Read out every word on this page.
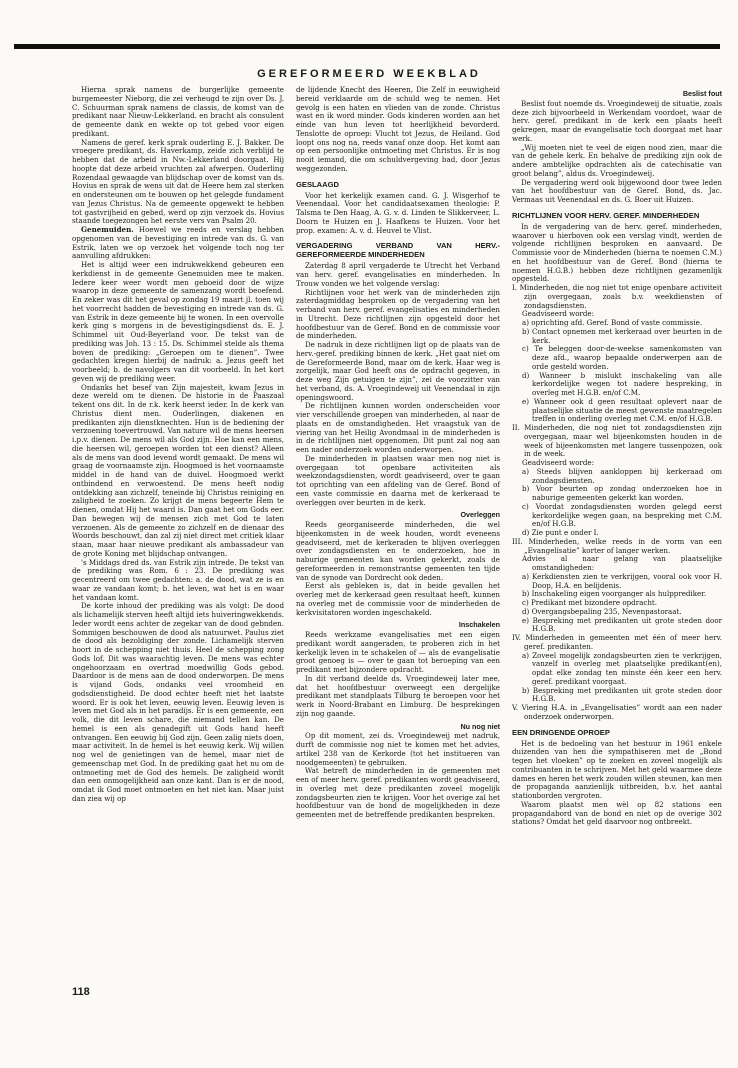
GEREFORMEERD WEEKBLAD

Hierna sprak namens de burgerlijke gemeente burgemeester Nieborg, die zei verheugd te zijn over Ds. J. C. Schuurman sprak namens de classis, de komst van de predikant naar Nieuw-Lekkerland. en bracht als consulent de gemeente dank en wekte op tot gebed voor eigen predikant.

Namens de geref. kerk sprak ouderling E. J. Bakker. De vroegere predikant, ds. Haverkamp, zeide zich verblijd te hebben dat de arbeid in Nw.-Lekkerland doorgaat. Hij hoopte dat deze arbeid vruchten zal afwerpen. Ouderling Rozendaal gewaagde van blijdschap over de komst van ds. Hovius en sprak de wens uit dat de Heere hem zal sterken en ondersteunen om te bouwen op het gelegde fundament van Jezus Christus. Na de gemeente opgewekt te hebben tot gastvrijheid en gebed, werd op zijn verzoek ds. Hovius staande toegezongen het eerste vers van Psalm 20.

Genemuiden. Hoewel we reeds en verslag hebben opgenomen van de bevestiging en intrede van ds. G. van Estrik, laten we op verzoek het volgende toch nog ter aanvulling afdrukken:

Het is altijd weer een indrukwekkend gebeuren een kerkdienst in de gemeente Genemuiden mee te maken. Iedere keer weer wordt men geboeid door de wijze waarop in deze gemeente de samenzang wordt beoefend. En zeker was dit het geval op zondag 19 maart jl. toen wij het voorrecht hadden de bevestiging en intrede van ds. G. van Estrik in deze gemeente bij te wonen. In een overvolle kerk ging s morgens in de bevestigingsdienst ds. E. J. Schimmel uit Oud-Beyerland voor. De tekst van de prediking was Joh. 13 : 15. Ds. Schimmel stelde als thema boven de prediking: „Geroepen om te dienen”. Twee gedachten kregen hierbij de nadruk: a. Jezus geeft het voorbeeld; b. de navolgers van dit voorbeeld. In het kort geven wij de prediking weer.

Ondanks het besef van Zijn majesteit, kwam Jezus in deze wereld om te dienen. De historie in de Paaszaal tekent ons dit. In de r.k. kerk heerst ieder. In de kerk van Christus dient men. Ouderlingen, diakenen en predikanten zijn dienstknechten. Hun is de bediening der verzoening toevertrouwd. Van nature wil de mens heersen i.p.v. dienen. De mens wil als God zijn. Hoe kan een mens, die heersen wil, geroepen worden tot een dienst? Alleen als de mens van dood levend wordt gemaakt. De mens wil graag de voornaamste zijn. Hoogmoed is het voornaamste middel in de hand van de duivel. Hoogmoed werkt ontbindend en verwoestend. De mens heeft nodig ontdekking aan zichzelf, teneinde bij Christus reiniging en zaligheid te zoeken. Zo krijgt de mens begeerte Hem te dienen, omdat Hij het waard is. Dan gaat het om Gods eer. Dan bewegen wij de mensen zich met God te laten verzoenen. Als de gemeente zo zichzelf en de dienaar des Woords beschouwt, dan zal zij niet direct met critiek klaar staan, maar haar nieuwe predikant als ambassadeur van de grote Koning met blijdschap ontvangen.

's Middags dred ds. van Estrik zijn intrede. De tekst van de prediking was Rom. 6 : 23. De prediking was gecentreerd om twee gedachten: a. de dood, wat ze is en waar ze vandaan komt; b. het leven, wat het is en waar het vandaan komt.

De korte inhoud der prediking was als volgt: De dood als lichamelijk sterven heeft altijd iets huiveringwekkends. Ieder wordt eens achter de zegekar van de dood gebnden. Sommigen beschouwen de dood als natuurwet. Paulus ziet de dood als bezoldiging der zonde. Lichamelijk sterven hoort in de schepping niet thuis. Heel de schepping zong Gods lof. Dit was waarachtig leven. De mens was echter ongehoorzaam en overtrad moedwillig Gods gebod. Daardoor is de mens aan de dood onderworpen. De mens is vijand Gods, ondanks veel vroomheid en godsdienstigheid. De dood echter heeft niet het laatste woord. Er is ook het leven, eeuwig leven. Eeuwig leven is leven met God als in het paradijs. Er is een gemeente, een volk, die dit leven schare, die niemand tellen kan. De hemel is een als genadegift uit Gods hand heeft ontvangen. Een eeuwig bij God zijn. Geen zalig niets doen, maar activiteit. In de hemel is het eeuwig kerk. Wij willen nog wel de genietingen van de hemel, maar niet de gemeenschap met God. In de prediking gaat het nu om de ontmoeting met de God des hemels. De zaligheid wordt dan een onmogelijkheid aan onze kant. Dan is er de nood, omdat ik God moet ontmoeten en het niet kan. Maar juist dan ziea wij op

de lijdende Knecht des Heeren, Die Zelf in eeuwigheid bereid verklaarde om de schuld weg te nemen. Het gevolg is een haten en vlieden van de zonde. Christus wast en ik word minder. Gods kinderen worden aan het einde van hun leven tot heerlijkheid bevorderd. Tenslotte de oproep: Vlucht tot Jezus, de Heiland. God loopt ons nog na, reeds vanaf onze doop. Het komt aan op een persoonlijke ontmoeting met Christus. Er is nog nooit iemand, die om schuldvergeving bad, door Jezus weggezonden.

GESLAAGD

Voor het kerkelijk examen cand. G. J. Wisgerhof te Veenendaal. Voor het candidaatsexamen theologie: P. Talsma te Den Haag, A. G. v. d. Linden te Slikkerveer, L. Doorn te Huizen en J. Haafkens te Huizen. Voor het prop. examen: A. v. d. Heuvel te Vlist.

VERGADERING VERBAND VAN HERV.-GEREFORMEERDE MINDERHEDEN

Zaterdag 8 april vergaderde te Utrecht het Verband van herv. geref. evangelisaties en minderheden. In Trouw vonden we het volgende verslag:

Richtlijnen voor het werk van de minderheden zijn zaterdagmiddag besproken op de vergadering van het verband van herv. geref. evangelisaties en minderheden in Utrecht. Deze richtlijnen zijn opgesteld door het hoofdbestuur van de Geref. Bond en de commissie voor de minderheden.

De nadruk in deze richtlijnen ligt op de plaats van de herv.-geref. prediking binnen de kerk. „Het gaat niet om de Gereformeerde Bond, maar om de kerk. Haar weg is zorgelijk, maar God heeft ons de opdracht gegeven, in deze weg Zijn getuigen te zijn”, zei de voorzitter van het verband, ds. A. Vroegindeweij uit Veenendaal in zijn openingswoord.

De richtlijnen kunnen worden onderscheiden voor vier verschillende groepen van minderheden, al naar de plaats en de omstandigheden. Het vraagstuk van de viering van het Heilig Avondmaal in de minderheden is in de richtlijnen niet opgenomen. Dit punt zal nog aan een nader onderzoek worden onderworpen.

De minderheden in plaatsen waar men nog niet is overgegaan tot openbare activiteiten als weekzondagsdiensten, wordt geadviseerd, over te gaan tot oprichting van een afdeling van de Geref. Bond of een vaste commissie en daarna met de kerkeraad te overleggen over beurten in de kerk.

Overleggen

Reeds georganiseerde minderheden, die wel bijeenkomsten in de week houden, wordt eveneens geadviseerd, met de kerkeraden te blijven overleggen over zondagsdiensten en te onderzoeken, hoe in naburige gemeenten kan worden gekerkt, zoals de gereformeerden in remonstrantse gemeenten ten tijde van de synode van Dordrecht ook deden.

Eerst als gebleken is, dat in beide gevallen het overleg met de kerkeraad geen resultaat heeft, kunnen na overleg met de commissie voor de minderheden de kerkvisitatoren worden ingeschakeld.

Inschakelen

Reeds werkzame evangelisaties met een eigen predikant wordt aangeraden, te proberen zich in het kerkelijk leven in te schakelen of — als de evangelisatie groot genoeg is — over te gaan tot beroeping van een predikant met bijzondere opdracht.

In dit verband deelde ds. Vroegindeweij later mee, dat het hoofdbestuur overweegt een dergelijke predikant met standplaats Tilburg te beroepen voor het werk in Noord-Brabant en Limburg. De besprekingen zijn nog gaande.

Nu nog niet

Op dit moment, zei ds. Vroegindeweij met nadruk, durft de commissie nog niet te komen met het advies, artikel 238 van de Kerkorde (tot het institueren van noodgemeenten) te gebruiken.

Wat betreft de minderheden in de gemeenten met een of meer herv. geref. predikanten wordt geadviseerd, in overleg met deze predikanten zoveel mogelijk zondagsbeurten zien te krijgen. Voor het overige zal het hoofdbestuur van de bond de mogelijkheden in deze gemeenten met de betreffende predikanten bespreken.

Beslist fout

Beslist fout noemde ds. Vroegindeweij de situatie, zoals deze zich bijvoorbeeld in Werkendam voordoet, waar de herv. geref. predikant in de kerk een plaats heeft gekregen, maar de evangelisatie toch doorgaat met haar werk.

„Wij moeten niet te veel de eigen nood zien, maar die van de gehele kerk. En behalve de prediking zijn ook de andere ambtelijke opdrachten als de catechisatie van groot belang”, aldus ds. Vroegindeweij.

De vergadering werd ook bijgewoond door twee leden van het hoofdbestuur van de Geref. Bond, ds. Jac. Vermaas uit Veenendaal en ds. G. Boer uit Huizen.

RICHTLIJNEN VOOR HERV. GEREF. MINDERHEDEN

In de vergadering van de herv. geref. minderheden, waarover u hierboven ook een verslag vindt, werden de volgende richtlijnen besproken en aanvaard. De Commissie voor de Minderheden (hierna te noemen C.M.) en het hoofdbestuur van de Geref. Bond (hierna te noemen H.G.B.) hebben deze richtlijnen gezamenlijk opgesteld.

I. Minderheden, die nog niet tot enige openbare activiteit zijn overgegaan, zoals b.v. weekdiensten of zondagsdiensten.

Geadviseerd worde:

a) oprichting afd. Geref. Bond of vaste commissie.

b) Contact opnemen met kerkeraad over beurten in de kerk.

c) Te beleggen door-de-weekse samenkomsten van deze afd., waarop bepaalde onderwerpen aan de orde gesteld worden.

d) Wanneer b mislukt inschakeling van alle kerkordelijke wegen tot nadere bespreking, in overleg met H.G.B. en/of C.M.

e) Wanneer ook d geen resultaat oplevert naar de plaatselijke situatie de meest gewenste maatregelen treffen in onderling overleg met C.M. en/of H.G.B.

II. Minderheden, die nog niet tot zondagsdiensten zijn overgegaan, maar wel bijeenkomsten houden in de week of bijeenkomsten met langere tussenpozen, ook in de week.

Geadviseerd worde:

a) Steeds blijven aankloppen bij kerkeraad om zondagsdiensten.

b) Voor beurten op zondag onderzoeken hoe in naburige gemeenten gekerkt kan worden.

c) Voordat zondagsdiensten worden gelegd eerst kerkordelijke wegen gaan, na bespreking met C.M. en/of H.G.B.

d) Zie punt e onder I.

III. Minderheden, welke reeds in de vorm van een „Evangelisatie” korter of langer werken.

Advies al naar gelang van plaatselijke omstandigheden:

a) Kerkdiensten zien te verkrijgen, vooral ook voor H. Doop, H.A. en belijdenis.

b) Inschakeling eigen voorganger als hulpprediker.

c) Predikant met bizondere opdracht.

d) Overgangsbepaling 235, Nevenpastoraat.

e) Bespreking met predikanten uit grote steden door H.G.B.

IV. Minderheden in gemeenten met één of meer herv. geref. predikanten.

a) Zoveel mogelijk zondagsbeurten zien te verkrijgen, vanzelf in overleg met plaatselijke predikant(en), opdat elke zondag ten minste één keer een herv. geref. predikant voorgaat.

b) Bespreking met predikanten uit grote steden door H.G.B.

V. Viering H.A. in „Evangelisaties” wordt aan een nader onderzoek onderworpen.

EEN DRINGENDE OPROEP

Het is de bedoeling van het bestuur in 1961 enkele duizenden van hen die sympathiseren met de „Bond tegen het vloeken” op te zoeken en zoveel mogelijk als contribuanten in te schrijven. Met het geld waarmee deze dames en heren het werk zouden willen steunen, kan men de propaganda aanzienlijk uitbreiden, b.v. het aantal stationborden vergroten.

Waarom plaatst men wèl op 82 stations een propagandabord van de bond en niet op de overige 302 stations? Omdat het geld daarvoor nog ontbreekt.

118
